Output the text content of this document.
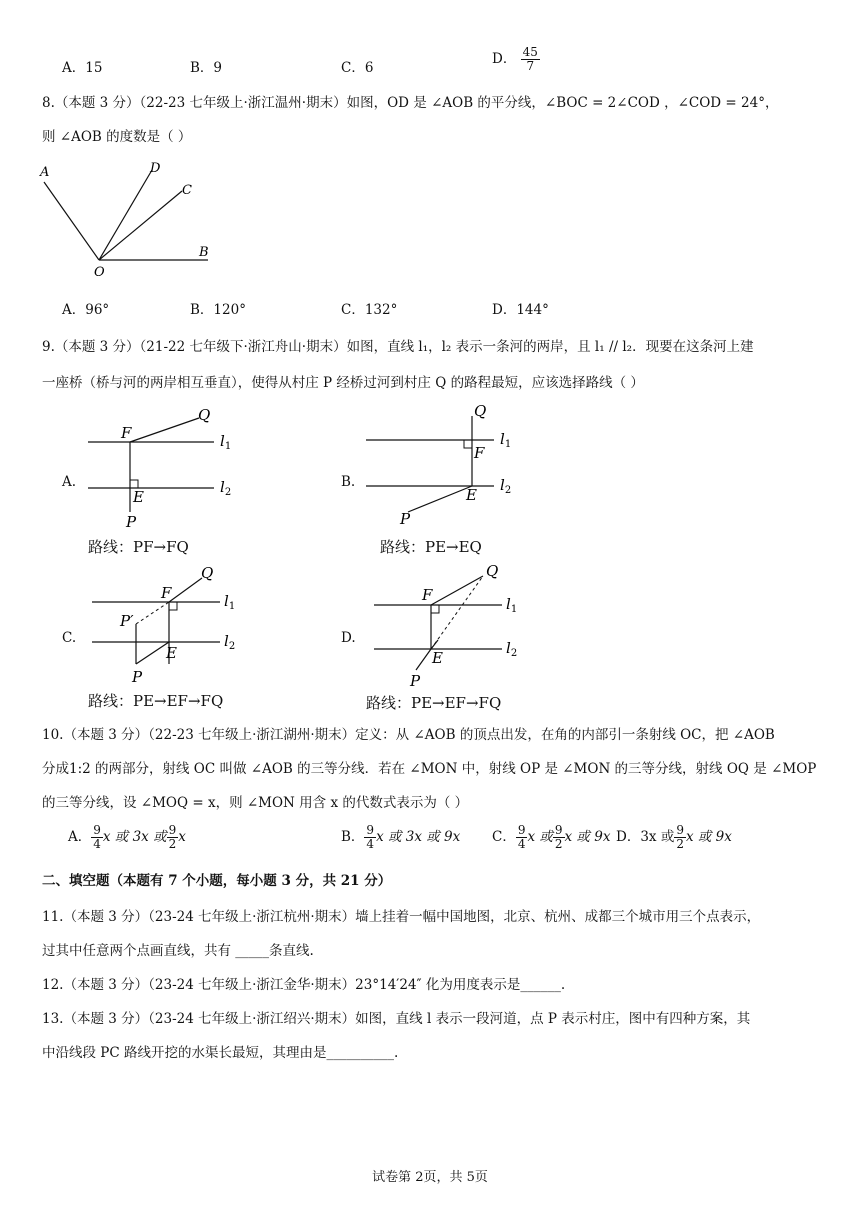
A．15	B．9	C．6
D． $\frac{45}{7}$
8.（本题 3 分）（22-23 七年级上·浙江温州·期末）如图，OD 是 ∠AOB 的平分线，∠BOC = 2∠COD ，∠COD = 24°，
则 ∠AOB 的度数是（ ）
A	D
C
O
B
A．96°	B．120°	C．132°	D．144°
9.（本题 3 分）（21-22 七年级下·浙江舟山·期末）如图，直线 l₁，l₂ 表示一条河的两岸，且 l₁ // l₂．现要在这条河上建
一座桥（桥与河的两岸相互垂直），使得从村庄 P 经桥过河到村庄 Q 的路程最短，应该选择路线（ ）
A.
F
Q
E
P
$l_1$
$l_2$
路线：PF→FQ
B.
Q
F
E
P
$l_1$
$l_2$
路线：PE→EQ
C.
F
Q
P′
E
P
$l_1$
$l_2$
路线：PE→EF→FQ
D.
F
Q
E
P
$l_1$
$l_2$
路线：PE→EF→FQ
10.（本题 3 分）（22-23 七年级上·浙江湖州·期末）定义：从 ∠AOB 的顶点出发，在角的内部引一条射线 OC，把 ∠AOB
分成1:2 的两部分，射线 OC 叫做 ∠AOB 的三等分线．若在 ∠MON 中，射线 OP 是 ∠MON 的三等分线，射线 OQ 是 ∠MOP
的三等分线，设 ∠MOQ = x，则 ∠MON 用含 x 的代数式表示为（ ）
A． $\frac{9}{4}$ x 或 3x 或 $\frac{9}{2}$ x	B． $\frac{9}{4}$ x 或 3x 或 9x C． $\frac{9}{4}$ x 或 $\frac{9}{2}$ x 或 9x D．3x 或 $\frac{9}{2}$ x 或 9x
二、填空题（本题有 7 个小题，每小题 3 分，共 21 分）
11.（本题 3 分）（23-24 七年级上·浙江杭州·期末）墙上挂着一幅中国地图，北京、杭州、成都三个城市用三个点表示，
过其中任意两个点画直线，共有 _____条直线.
12.（本题 3 分）（23-24 七年级上·浙江金华·期末）23°14′24″ 化为用度表示是______.
13.（本题 3 分）（23-24 七年级上·浙江绍兴·期末）如图，直线 l 表示一段河道，点 P 表示村庄，图中有四种方案，其
中沿线段 PC 路线开挖的水渠长最短，其理由是__________.
试卷第 2页，共 5页
